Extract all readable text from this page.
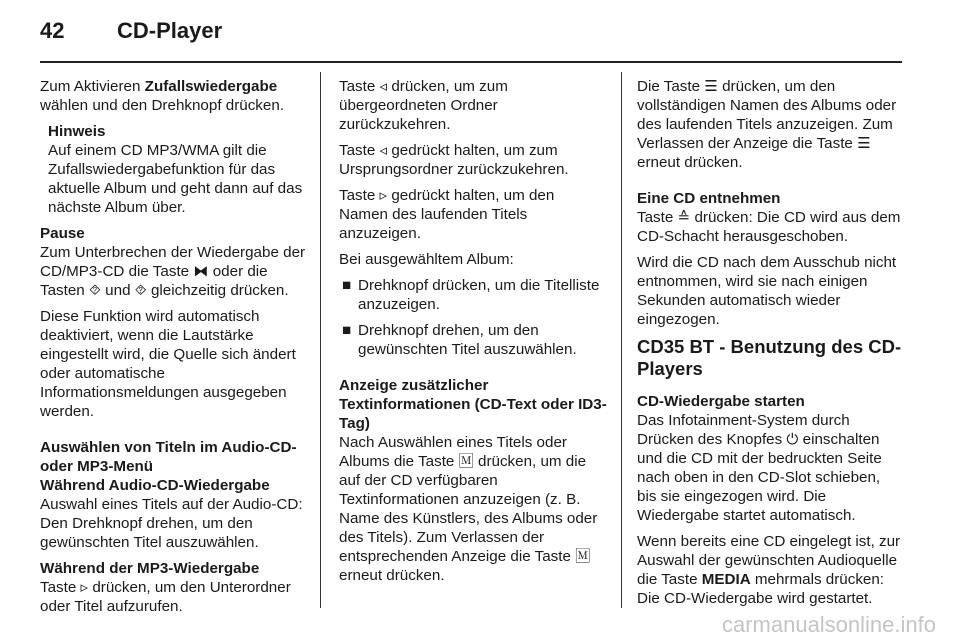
42 CD-Player

Zum Aktivieren Zufallswiedergabe wählen und den Drehknopf drücken.

Hinweis
Auf einem CD MP3/WMA gilt die Zufallswiedergabefunktion für das aktuelle Album und geht dann auf das nächste Album über.
Pause

Zum Unterbrechen der Wiedergabe der CD/MP3-CD die Taste ⧓ oder die Tasten ⯑ und ⯑ gleichzeitig drücken.

Diese Funktion wird automatisch deaktiviert, wenn die Lautstärke eingestellt wird, die Quelle sich ändert oder automatische Informationsmeldungen ausgegeben werden.

Auswählen von Titeln im Audio-CD- oder MP3-Menü
Während Audio-CD-Wiedergabe

Auswahl eines Titels auf der Audio-CD: Den Drehknopf drehen, um den gewünschten Titel auszuwählen.

Während der MP3-Wiedergabe

Taste ▹ drücken, um den Unterordner oder Titel aufzurufen.

Taste ◃ drücken, um zum übergeordneten Ordner zurückzukehren.

Taste ◃ gedrückt halten, um zum Ursprungsordner zurückzukehren.

Taste ▹ gedrückt halten, um den Namen des laufenden Titels anzuzeigen.

Bei ausgewähltem Album:

■ Drehknopf drücken, um die Titelliste anzuzeigen.
■ Drehknopf drehen, um den gewünschten Titel auszuwählen.
Anzeige zusätzlicher Textinformationen (CD-Text oder ID3-Tag)

Nach Auswählen eines Titels oder Albums die Taste 🄼 drücken, um die auf der CD verfügbaren Textinformationen anzuzeigen (z. B. Name des Künstlers, des Albums oder des Titels). Zum Verlassen der entsprechenden Anzeige die Taste 🄼 erneut drücken.

Die Taste ☰ drücken, um den vollständigen Namen des Albums oder des laufenden Titels anzuzeigen. Zum Verlassen der Anzeige die Taste ☰ erneut drücken.

Eine CD entnehmen

Taste ≙ drücken: Die CD wird aus dem CD-Schacht herausgeschoben.

Wird die CD nach dem Ausschub nicht entnommen, wird sie nach einigen Sekunden automatisch wieder eingezogen.

CD35 BT - Benutzung des CD-Players
CD-Wiedergabe starten

Das Infotainment-System durch Drücken des Knopfes ⏻ einschalten und die CD mit der bedruckten Seite nach oben in den CD-Slot schieben, bis sie eingezogen wird. Die Wiedergabe startet automatisch.

Wenn bereits eine CD eingelegt ist, zur Auswahl der gewünschten Audioquelle die Taste MEDIA mehrmals drücken: Die CD-Wiedergabe wird gestartet.

carmanualsonline.info
